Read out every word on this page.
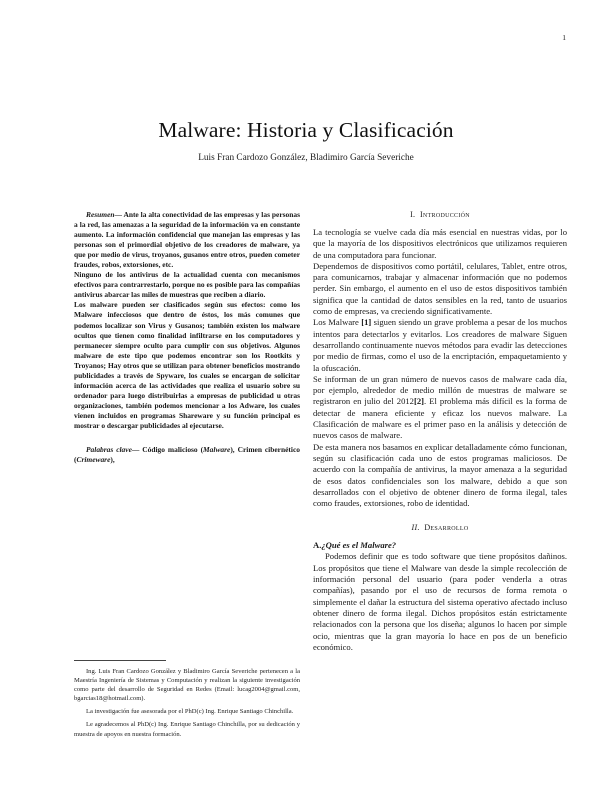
1
Malware: Historia y Clasificación
Luis Fran Cardozo González, Bladimiro García Severiche

Resumen— Ante la alta conectividad de las empresas y las personas a la red, las amenazas a la seguridad de la información va en constante aumento. La información confidencial que manejan las empresas y las personas son el primordial objetivo de los creadores de malware, ya que por medio de virus, troyanos, gusanos entre otros, pueden cometer fraudes, robos, extorsiones, etc.

Ninguno de los antivirus de la actualidad cuenta con mecanismos efectivos para contrarrestarlo, porque no es posible para las compañías antivirus abarcar las miles de muestras que reciben a diario.

Los malware pueden ser clasificados según sus efectos: como los Malware infecciosos que dentro de éstos, los más comunes que podemos localizar son Virus y Gusanos; también existen los malware ocultos que tienen como finalidad infiltrarse en los computadores y permanecer siempre oculto para cumplir con sus objetivos. Algunos malware de este tipo que podemos encontrar son los Rootkits y Troyanos; Hay otros que se utilizan para obtener beneficios mostrando publicidades a través de Spyware, los cuales se encargan de solicitar información acerca de las actividades que realiza el usuario sobre su ordenador para luego distribuirlas a empresas de publicidad u otras organizaciones, también podemos mencionar a los Adware, los cuales vienen incluidos en programas Shareware y su función principal es mostrar o descargar publicidades al ejecutarse.

Palabras clave— Código malicioso (Malware), Crimen cibernético (Crimeware),

Ing. Luis Fran Cardozo González y Bladimiro García Severiche pertenecen a la Maestría Ingeniería de Sistemas y Computación y realizan la siguiente investigación como parte del desarrollo de Seguridad en Redes (Email: lucag2004@gmail.com, bgarcias18@hotmail.com).

La investigación fue asesorada por el PhD(c) Ing. Enrique Santiago Chinchilla.

Le agradecemos al PhD(c) Ing. Enrique Santiago Chinchilla, por su dedicación y muestra de apoyos en nuestra formación.

I. Introducción

La tecnología se vuelve cada día más esencial en nuestras vidas, por lo que la mayoría de los dispositivos electrónicos que utilizamos requieren de una computadora para funcionar.

Dependemos de dispositivos como portátil, celulares, Tablet, entre otros, para comunicarnos, trabajar y almacenar información que no podemos perder. Sin embargo, el aumento en el uso de estos dispositivos también significa que la cantidad de datos sensibles en la red, tanto de usuarios como de empresas, va creciendo significativamente.

Los Malware [1] siguen siendo un grave problema a pesar de los muchos intentos para detectarlos y evitarlos. Los creadores de malware Siguen desarrollando continuamente nuevos métodos para evadir las detecciones por medio de firmas, como el uso de la encriptación, empaquetamiento y la ofuscación.

Se informan de un gran número de nuevos casos de malware cada día, por ejemplo, alrededor de medio millón de muestras de malware se registraron en julio del 2012[2]. El problema más difícil es la forma de detectar de manera eficiente y eficaz los nuevos malware. La Clasificación de malware es el primer paso en la análisis y detección de nuevos casos de malware.

De esta manera nos basamos en explicar detalladamente cómo funcionan, según su clasificación cada uno de estos programas maliciosos. De acuerdo con la compañía de antivirus, la mayor amenaza a la seguridad de esos datos confidenciales son los malware, debido a que son desarrollados con el objetivo de obtener dinero de forma ilegal, tales como fraudes, extorsiones, robo de identidad.

II. Desarrollo
A.¿Qué es el Malware?

Podemos definir que es todo software que tiene propósitos dañinos. Los propósitos que tiene el Malware van desde la simple recolección de información personal del usuario (para poder venderla a otras compañías), pasando por el uso de recursos de forma remota o simplemente el dañar la estructura del sistema operativo afectado incluso obtener dinero de forma ilegal. Dichos propósitos están estrictamente relacionados con la persona que los diseña; algunos lo hacen por simple ocio, mientras que la gran mayoría lo hace en pos de un beneficio económico.
